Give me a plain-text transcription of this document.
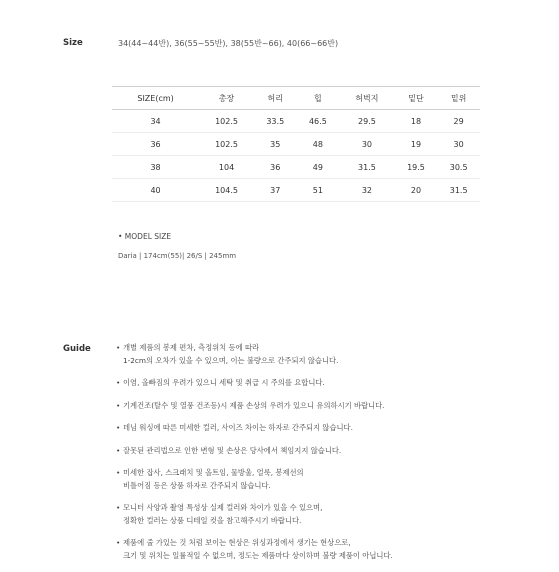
Size	34(44~44반), 36(55~55반), 38(55반~66), 40(66~66반)
SIZE(cm)	총장	허리	힙	허벅지	밑단	밑위
34	102.5	33.5	46.5	29.5	18	29
36	102.5	35	48	30	19	30
38	104	36	49	31.5	19.5	30.5
40	104.5	37	51	32	20	31.5
• MODEL SIZE
Daria | 174cm(55)| 26/S | 245mm
Guide	• 개별 제품의 봉제 편차, 측정위치 등에 따라
1-2cm의 오차가 있을 수 있으며, 이는 불량으로 간주되지 않습니다.
• 이염, 올빠짐의 우려가 있으니 세탁 및 취급 시 주의를 요합니다.
• 기계건조(탈수 및 열풍 건조등)시 제품 손상의 우려가 있으니 유의하시기 바랍니다.
• 데님 워싱에 따른 미세한 컬러, 사이즈 차이는 하자로 간주되지 않습니다.
• 잘못된 관리법으로 인한 변형 및 손상은 당사에서 책임지지 않습니다.
• 미세한 잡사, 스크래치 및 올트임, 물방울, 얼룩, 봉제선의
비틀어짐 등은 상품 하자로 간주되지 않습니다.
• 모니터 사양과 촬영 특성상 실제 컬러와 차이가 있을 수 있으며,
정확한 컬러는 상품 디테일 컷을 참고해주시기 바랍니다.
• 제품에 줄 가있는 것 처럼 보이는 현상은 위싱과정에서 생기는 현상으로,
크기 및 위치는 일률적일 수 없으며, 정도는 제품마다 상이하며 불량 제품이 아닙니다.
